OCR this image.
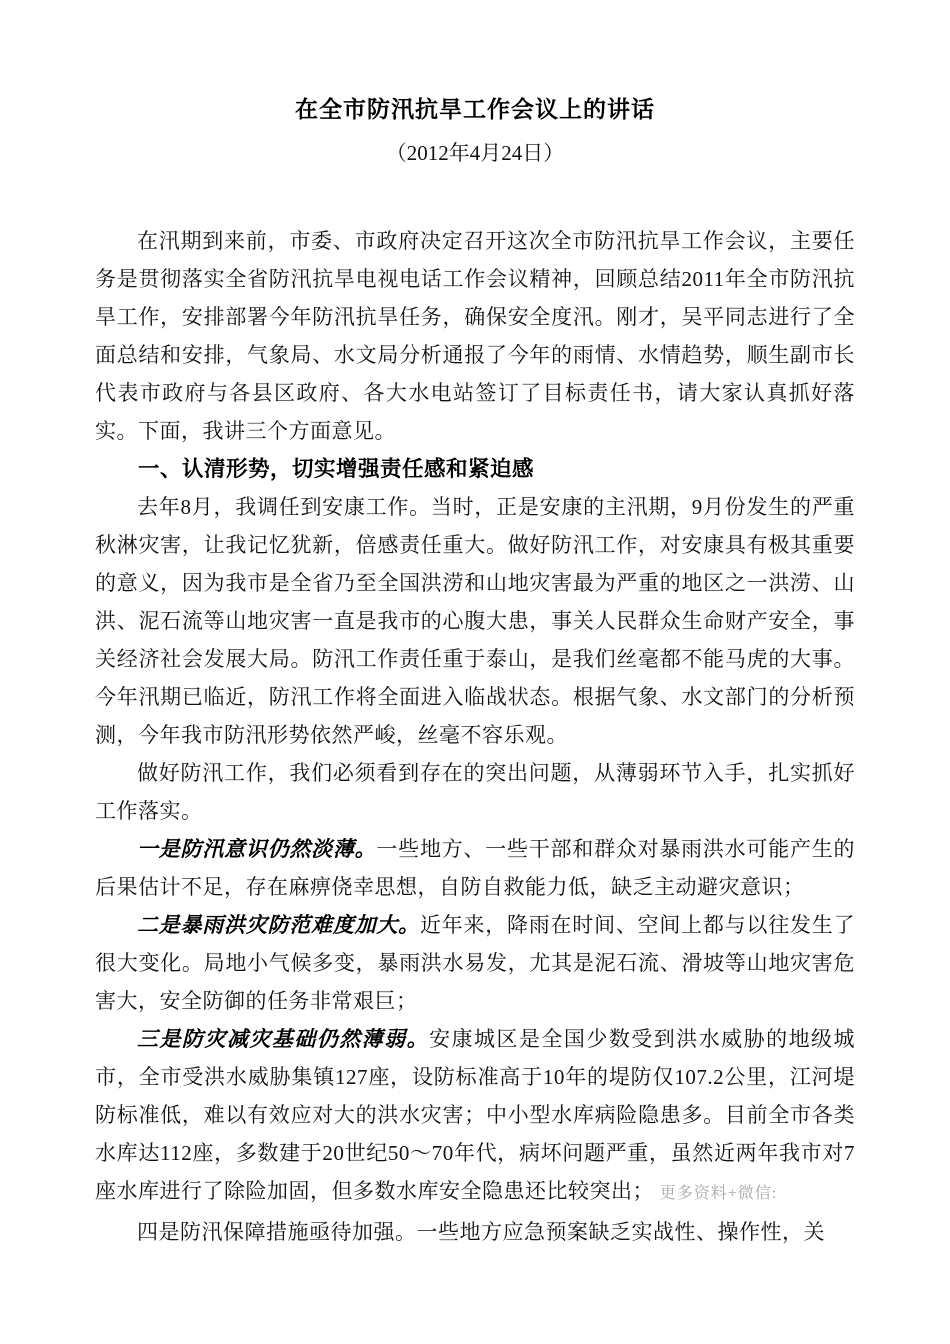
在全市防汛抗旱工作会议上的讲话
（2012年4月24日）

在汛期到来前，市委、市政府决定召开这次全市防汛抗旱工作会议，主要任务是贯彻落实全省防汛抗旱电视电话工作会议精神，回顾总结2011年全市防汛抗旱工作，安排部署今年防汛抗旱任务，确保安全度汛。刚才，吴平同志进行了全面总结和安排，气象局、水文局分析通报了今年的雨情、水情趋势，顺生副市长代表市政府与各县区政府、各大水电站签订了目标责任书，请大家认真抓好落实。下面，我讲三个方面意见。

一、认清形势，切实增强责任感和紧迫感

去年8月，我调任到安康工作。当时，正是安康的主汛期，9月份发生的严重秋淋灾害，让我记忆犹新，倍感责任重大。做好防汛工作，对安康具有极其重要的意义，因为我市是全省乃至全国洪涝和山地灾害最为严重的地区之一洪涝、山洪、泥石流等山地灾害一直是我市的心腹大患，事关人民群众生命财产安全，事关经济社会发展大局。防汛工作责任重于泰山，是我们丝毫都不能马虎的大事。今年汛期已临近，防汛工作将全面进入临战状态。根据气象、水文部门的分析预测，今年我市防汛形势依然严峻，丝毫不容乐观。

做好防汛工作，我们必须看到存在的突出问题，从薄弱环节入手，扎实抓好工作落实。

一是防汛意识仍然淡薄。一些地方、一些干部和群众对暴雨洪水可能产生的后果估计不足，存在麻痹侥幸思想，自防自救能力低，缺乏主动避灾意识；

二是暴雨洪灾防范难度加大。近年来，降雨在时间、空间上都与以往发生了很大变化。局地小气候多变，暴雨洪水易发，尤其是泥石流、滑坡等山地灾害危害大，安全防御的任务非常艰巨；

三是防灾减灾基础仍然薄弱。安康城区是全国少数受到洪水威胁的地级城市，全市受洪水威胁集镇127座，设防标准高于10年的堤防仅107.2公里，江河堤防标准低，难以有效应对大的洪水灾害；中小型水库病险隐患多。目前全市各类水库达112座，多数建于20世纪50～70年代，病坏问题严重，虽然近两年我市对7座水库进行了除险加固，但多数水库安全隐患还比较突出； 更多资料+微信:

四是防汛保障措施亟待加强。一些地方应急预案缺乏实战性、操作性，关
